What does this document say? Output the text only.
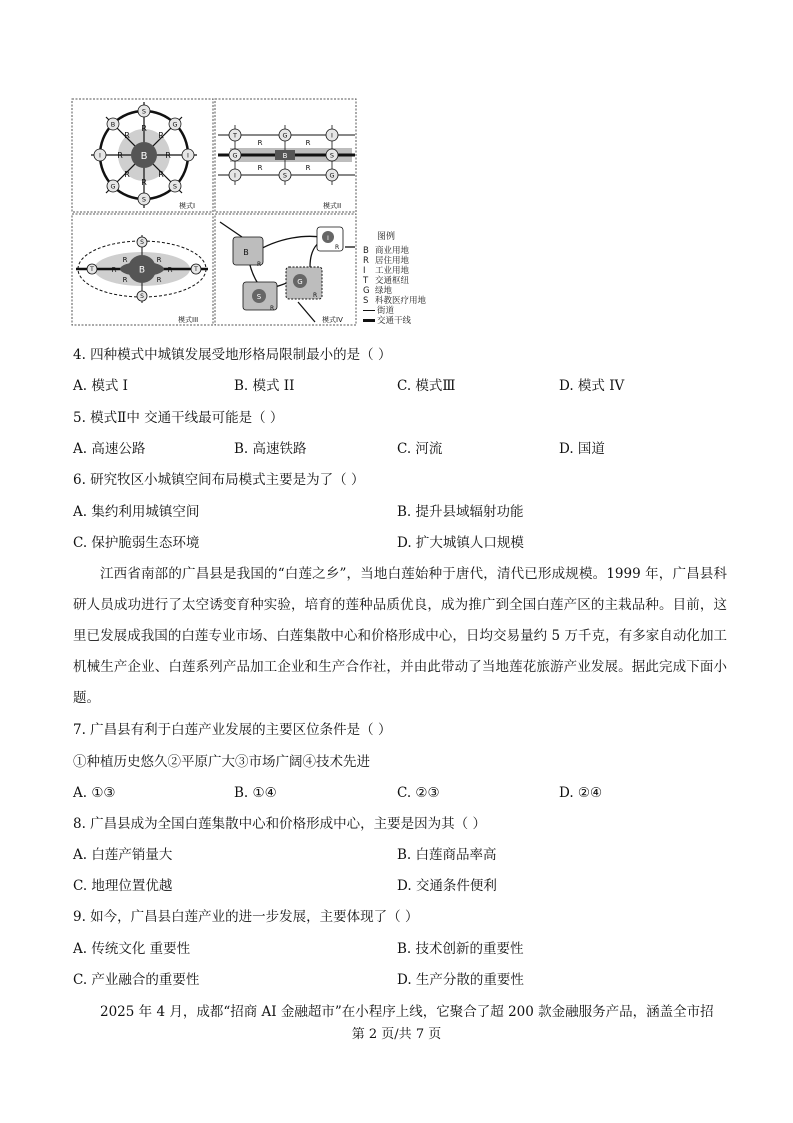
B
R
R
R	R
R	R
R	R
S
S
I	I
B	G
G	S
模式I
B
T	G	I
G	S
I	S	G
R	R
R	R
模式II
B
R	R
R	R
R	R
S
S
T	T
模式III
B
R
S
R
G
R
I
R
模式IV
图例
B 商业用地
R 居住用地
I 工业用地
T 交通枢纽
G 绿地
S 科教医疗用地
街道
交通干线
4. 四种模式中城镇发展受地形格局限制最小的是（ ）
A. 模式 I	B. 模式 II	C. 模式Ⅲ	D. 模式 IV
5. 模式Ⅱ中 交通干线最可能是（ ）
A. 高速公路	B. 高速铁路	C. 河流	D. 国道
6. 研究牧区小城镇空间布局模式主要是为了（ ）
A. 集约利用城镇空间	B. 提升县域辐射功能
C. 保护脆弱生态环境	D. 扩大城镇人口规模
江西省南部的广昌县是我国的“白莲之乡”，当地白莲始种于唐代，清代已形成规模。1999 年，广昌县科研人员成功进行了太空诱变育种实验，培育的莲种品质优良，成为推广到全国白莲产区的主栽品种。目前，这里已发展成我国的白莲专业市场、白莲集散中心和价格形成中心，日均交易量约 5 万千克，有多家自动化加工机械生产企业、白莲系列产品加工企业和生产合作社，并由此带动了当地莲花旅游产业发展。据此完成下面小题。
7. 广昌县有利于白莲产业发展的主要区位条件是（ ）
①种植历史悠久②平原广大③市场广阔④技术先进
A. ①③	B. ①④	C. ②③	D. ②④
8. 广昌县成为全国白莲集散中心和价格形成中心，主要是因为其（ ）
A. 白莲产销量大	B. 白莲商品率高
C. 地理位置优越	D. 交通条件便利
9. 如今，广昌县白莲产业的进一步发展，主要体现了（ ）
A. 传统文化 重要性	B. 技术创新的重要性
C. 产业融合的重要性	D. 生产分散的重要性
2025 年 4 月，成都“招商 AI 金融超市”在小程序上线，它聚合了超 200 款金融服务产品，涵盖全市招
第 2 页/共 7 页
